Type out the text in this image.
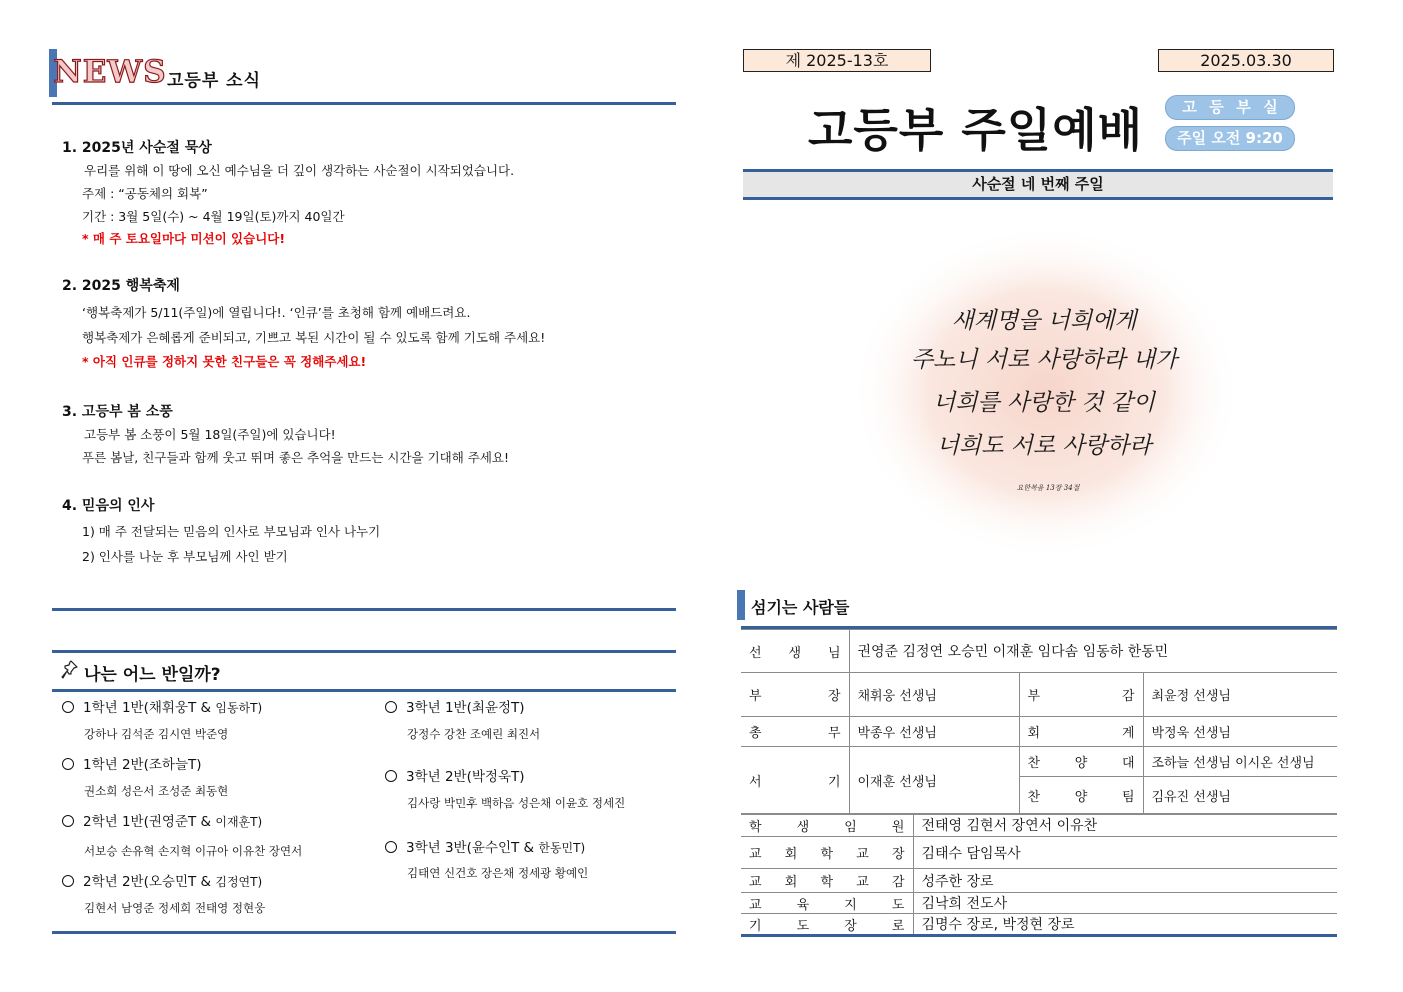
NEWS 고등부 소식
1. 2025년 사순절 묵상
우리를 위해 이 땅에 오신 예수님을 더 깊이 생각하는 사순절이 시작되었습니다.
주제 : “공동체의 회복”
기간 : 3월 5일(수) ~ 4월 19일(토)까지 40일간
* 매 주 토요일마다 미션이 있습니다!
2. 2025 행복축제
‘행복축제가 5/11(주일)에 열립니다!. ‘인큐’를 초청해 함께 예배드려요.
행복축제가 은혜롭게 준비되고, 기쁘고 복된 시간이 될 수 있도록 함께 기도해 주세요!
* 아직 인큐를 정하지 못한 친구들은 꼭 정해주세요!
3. 고등부 봄 소풍
고등부 봄 소풍이 5월 18일(주일)에 있습니다!
푸른 봄날, 친구들과 함께 웃고 뛰며 좋은 추억을 만드는 시간을 기대해 주세요!
4. 믿음의 인사
1) 매 주 전달되는 믿음의 인사로 부모님과 인사 나누기
2) 인사를 나눈 후 부모님께 사인 받기
나는 어느 반일까?
1학년 1반(채휘웅T & 임동하T)
강하나 김석준 김시연 박준영
1학년 2반(조하늘T)
권소희 성은서 조성준 최동현
2학년 1반(권영준T & 이재훈T)
서보승 손유혁 손지혁 이규아 이유찬 장연서
2학년 2반(오승민T & 김정연T)
김현서 남영준 정세희 전태영 정현웅
3학년 1반(최윤정T)
강정수 강찬 조예린 최진서
3학년 2반(박정욱T)
김사랑 박민후 백하음 성은채 이윤호 정세진
3학년 3반(윤수인T & 한동민T)
김태연 신건호 장은채 정세광 황예인
제 2025-13호	2025.03.30
고등부 주일예배	고 등 부 실
주일 오전 9:20
사순절 네 번째 주일
새계명을 너희에게
주노니 서로 사랑하라 내가
너희를 사랑한 것 같이
너희도 서로 사랑하라
요한복음 13장 34절
섬기는 사람들
선 생 님	권영준 김정연 오승민 이재훈 임다솜 임동하 한동민		

부 장	채휘웅 선생님	부 감	최윤정 선생님

총 무	박종우 선생님	회 계	박정욱 선생님

서 기	이재훈 선생님	찬 양 대	조하늘 선생님 이시온 선생님

		찬 양 팀	김유진 선생님
학 생 임 원	전태영 김현서 장연서 이유찬

교 회 학 교 장	김태수 담임목사

교 회 학 교 감	성주한 장로

교 육 지 도	김낙희 전도사

기 도 장 로	김명수 장로, 박정현 장로
